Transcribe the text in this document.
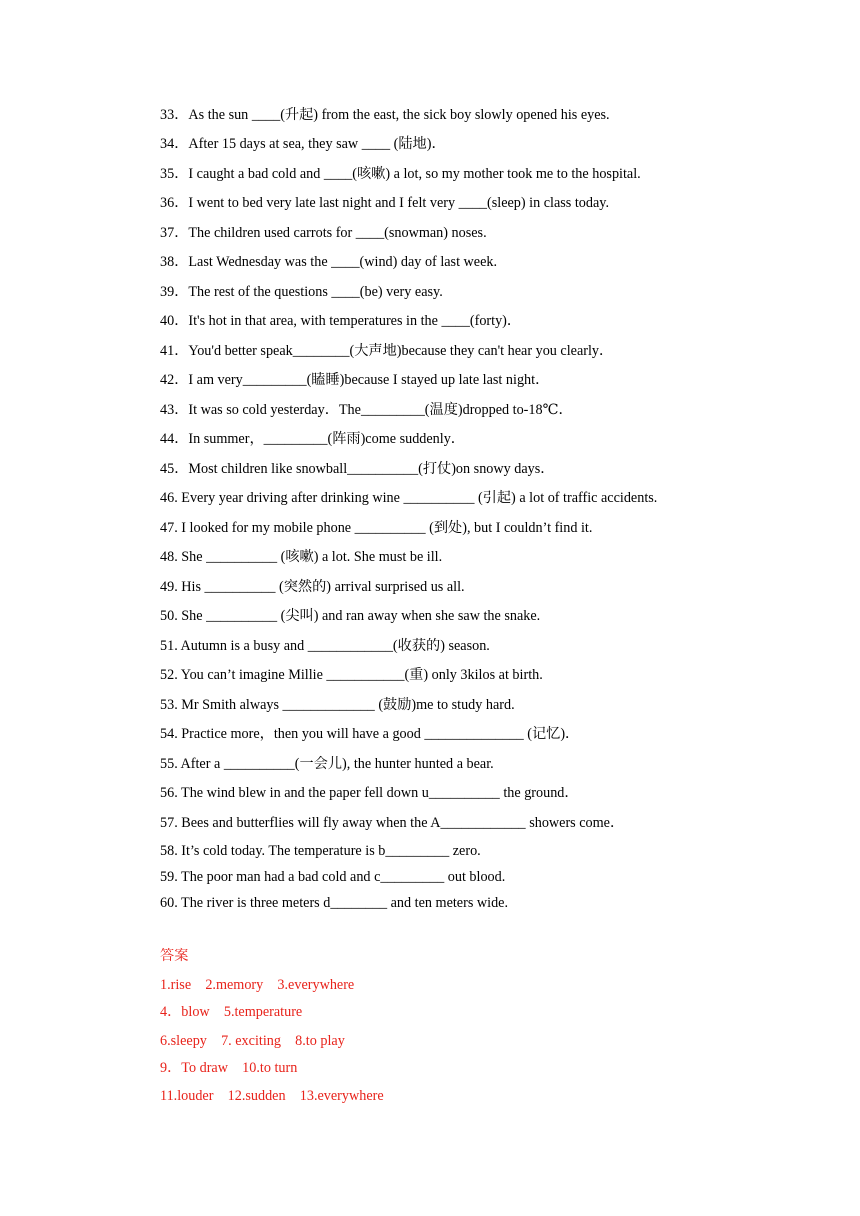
33．As the sun ____(升起) from the east, the sick boy slowly opened his eyes.
34．After 15 days at sea, they saw ____ (陆地)．
35．I caught a bad cold and ____(咳嗽) a lot, so my mother took me to the hospital.
36．I went to bed very late last night and I felt very ____(sleep) in class today.
37．The children used carrots for ____(snowman) noses.
38．Last Wednesday was the ____(wind) day of last week.
39．The rest of the questions ____(be) very easy.
40．It's hot in that area, with temperatures in the ____(forty)．
41．You'd better speak________(大声地)because they can't hear you clearly．
42．I am very_________(瞌睡)because I stayed up late last night．
43．It was so cold yesterday．The_________(温度)dropped to-18℃．
44．In summer，_________(阵雨)come suddenly．
45．Most children like snowball__________(打仗)on snowy days．
46. Every year driving after drinking wine __________ (引起) a lot of traffic accidents.
47. I looked for my mobile phone __________ (到处), but I couldn’t find it.
48. She __________ (咳嗽) a lot. She must be ill.
49. His __________ (突然的) arrival surprised us all.
50. She __________ (尖叫) and ran away when she saw the snake.
51. Autumn is a busy and ____________(收获的) season.
52. You can’t imagine Millie ___________(重) only 3kilos at birth.
53. Mr Smith always _____________ (鼓励)me to study hard.
54. Practice more，then you will have a good ______________ (记忆)．
55. After a __________(一会儿), the hunter hunted a bear.
56. The wind blew in and the paper fell down u__________ the ground．
57. Bees and butterflies will fly away when the A____________ showers come．
58. It’s cold today. The temperature is b_________ zero.
59. The poor man had a bad cold and c_________ out blood.
60. The river is three meters d________ and ten meters wide.
答案
1.rise    2.memory    3.everywhere
4．blow    5.temperature
6.sleepy    7. exciting    8.to play
9．To draw    10.to turn
11.louder    12.sudden    13.everywhere
